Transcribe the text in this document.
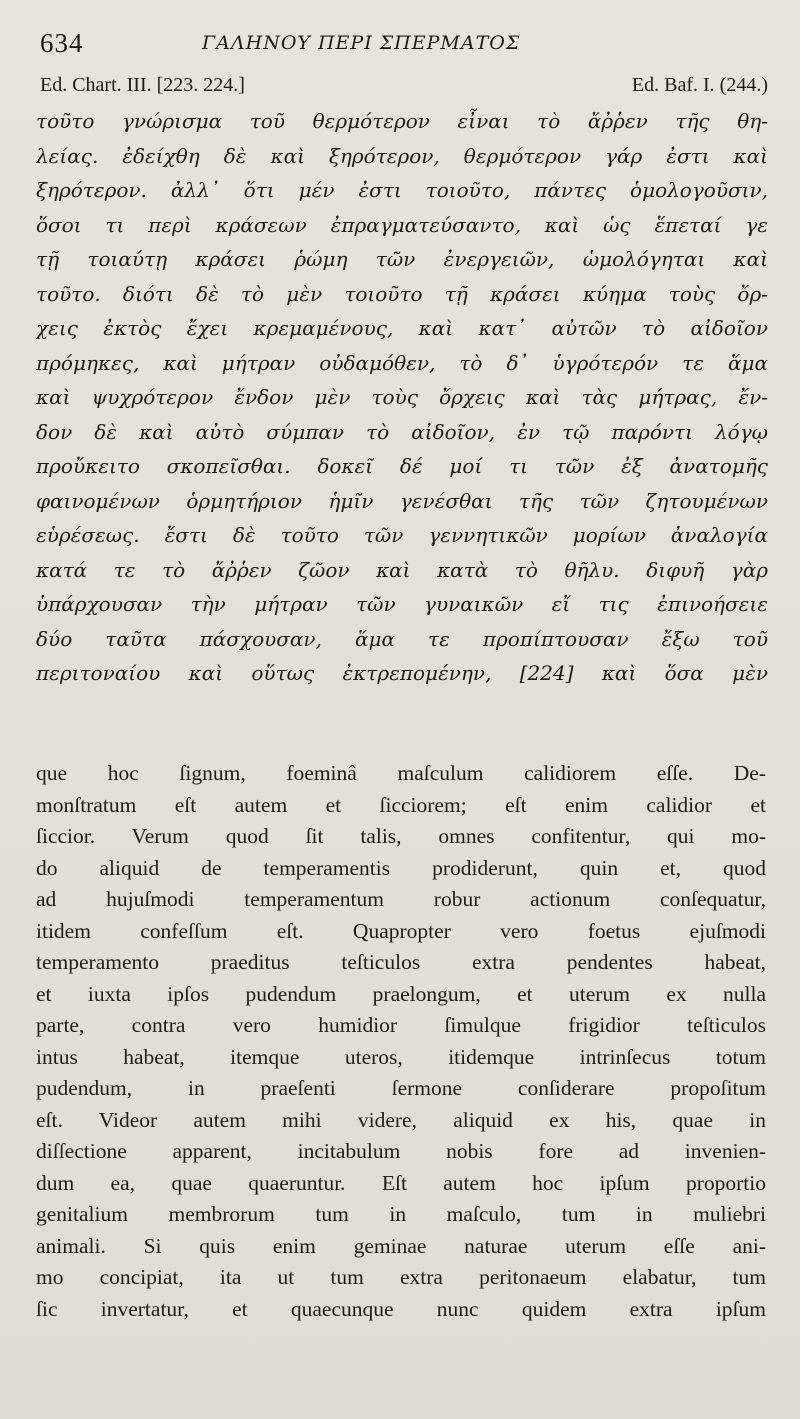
634	ΓΑΛΗΝΟΥ ΠΕΡΙ ΣΠΕΡΜΑΤΟΣ
Ed. Chart. III. [223. 224.]	Ed. Baf. I. (244.)
τοῦτο γνώρισμα τοῦ θερμότερον εἶναι τὸ ἄῤῥεν τῆς θη-
λείας. ἐδείχθη δὲ καὶ ξηρότερον, θερμότερον γάρ ἐστι καὶ
ξηρότερον. ἀλλ᾽ ὅτι μέν ἐστι τοιοῦτο, πάντες ὁμολογοῦσιν,
ὅσοι τι περὶ κράσεων ἐπραγματεύσαντο, καὶ ὡς ἕπεταί γε
τῇ τοιαύτῃ κράσει ῥώμη τῶν ἐνεργειῶν, ὡμολόγηται καὶ
τοῦτο. διότι δὲ τὸ μὲν τοιοῦτο τῇ κράσει κύημα τοὺς ὄρ-
χεις ἐκτὸς ἔχει κρεμαμένους, καὶ κατ᾽ αὐτῶν τὸ αἰδοῖον
πρόμηκες, καὶ μήτραν οὐδαμόθεν, τὸ δ᾽ ὑγρότερόν τε ἅμα
καὶ ψυχρότερον ἔνδον μὲν τοὺς ὄρχεις καὶ τὰς μήτρας, ἔν-
δον δὲ καὶ αὐτὸ σύμπαν τὸ αἰδοῖον, ἐν τῷ παρόντι λόγῳ
προὔκειτο σκοπεῖσθαι. δοκεῖ δέ μοί τι τῶν ἐξ ἀνατομῆς
φαινομένων ὁρμητήριον ἡμῖν γενέσθαι τῆς τῶν ζητουμένων
εὑρέσεως. ἔστι δὲ τοῦτο τῶν γεννητικῶν μορίων ἀναλογία
κατά τε τὸ ἄῤῥεν ζῶον καὶ κατὰ τὸ θῆλυ. διφυῆ γὰρ
ὑπάρχουσαν τὴν μήτραν τῶν γυναικῶν εἴ τις ἐπινοήσειε
δύο ταῦτα πάσχουσαν, ἅμα τε προπίπτουσαν ἔξω τοῦ
περιτοναίου καὶ οὕτως ἐκτρεπομένην, [224] καὶ ὅσα μὲν
que hoc ſignum, foeminâ maſculum calidiorem eſſe. De-
monſtratum eſt autem et ſicciorem; eſt enim calidior et
ſiccior. Verum quod ſit talis, omnes confitentur, qui mo-
do aliquid de temperamentis prodiderunt, quin et, quod
ad hujuſmodi temperamentum robur actionum conſequatur,
itidem confeſſum eſt. Quapropter vero foetus ejuſmodi
temperamento praeditus teſticulos extra pendentes habeat,
et iuxta ipſos pudendum praelongum, et uterum ex nulla
parte, contra vero humidior ſimulque frigidior teſticulos
intus habeat, itemque uteros, itidemque intrinſecus totum
pudendum, in praeſenti ſermone conſiderare propoſitum
eſt. Videor autem mihi videre, aliquid ex his, quae in
diſſectione apparent, incitabulum nobis fore ad invenien-
dum ea, quae quaeruntur. Eſt autem hoc ipſum proportio
genitalium membrorum tum in maſculo, tum in muliebri
animali. Si quis enim geminae naturae uterum eſſe ani-
mo concipiat, ita ut tum extra peritonaeum elabatur, tum
ſic invertatur, et quaecunque nunc quidem extra ipſum
